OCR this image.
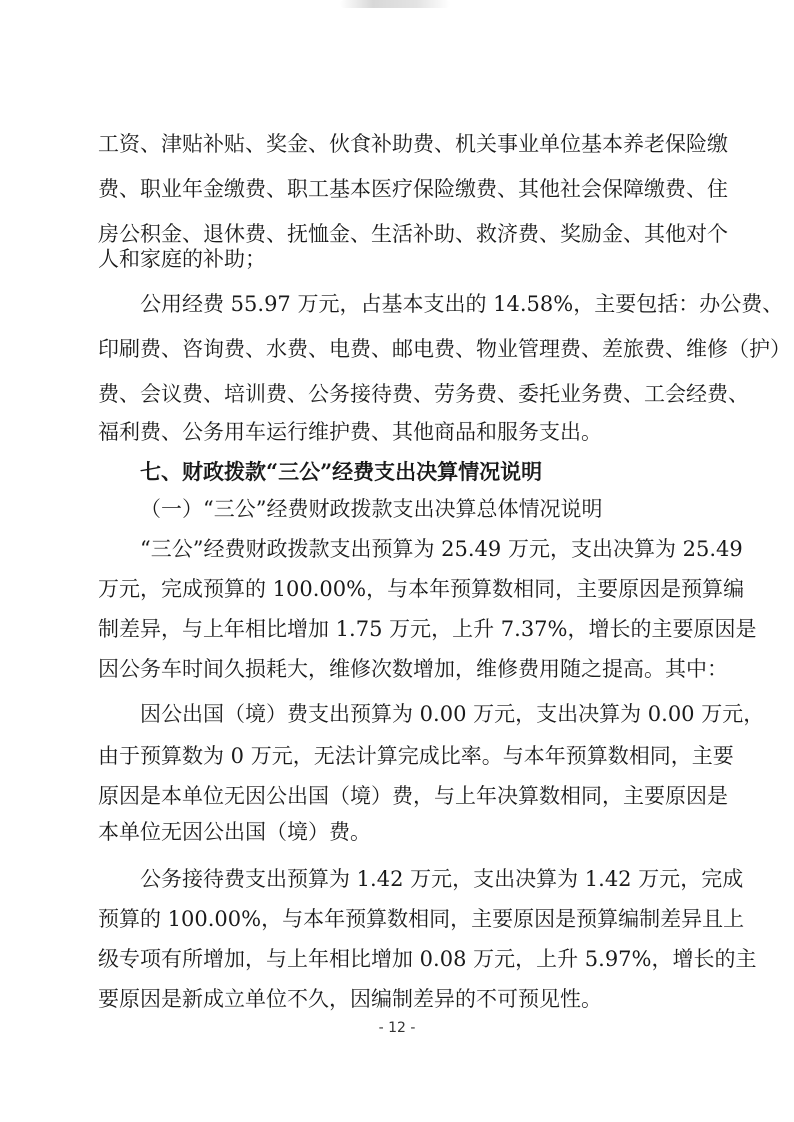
工资、津贴补贴、奖金、伙食补助费、机关事业单位基本养老保险缴
费、职业年金缴费、职工基本医疗保险缴费、其他社会保障缴费、住
房公积金、退休费、抚恤金、生活补助、救济费、奖励金、其他对个
人和家庭的补助；
公用经费 55.97 万元，占基本支出的 14.58%，主要包括：办公费、
印刷费、咨询费、水费、电费、邮电费、物业管理费、差旅费、维修（护）
费、会议费、培训费、公务接待费、劳务费、委托业务费、工会经费、
福利费、公务用车运行维护费、其他商品和服务支出。
七、财政拨款“三公”经费支出决算情况说明
（一）“三公”经费财政拨款支出决算总体情况说明
“三公”经费财政拨款支出预算为 25.49 万元，支出决算为 25.49
万元，完成预算的 100.00%，与本年预算数相同，主要原因是预算编
制差异，与上年相比增加 1.75 万元，上升 7.37%，增长的主要原因是
因公务车时间久损耗大，维修次数增加，维修费用随之提高。其中：
因公出国（境）费支出预算为 0.00 万元，支出决算为 0.00 万元，
由于预算数为 0 万元，无法计算完成比率。与本年预算数相同，主要
原因是本单位无因公出国（境）费，与上年决算数相同，主要原因是
本单位无因公出国（境）费。
公务接待费支出预算为 1.42 万元，支出决算为 1.42 万元，完成
预算的 100.00%，与本年预算数相同，主要原因是预算编制差异且上
级专项有所增加，与上年相比增加 0.08 万元，上升 5.97%，增长的主
要原因是新成立单位不久，因编制差异的不可预见性。
- 12 -
